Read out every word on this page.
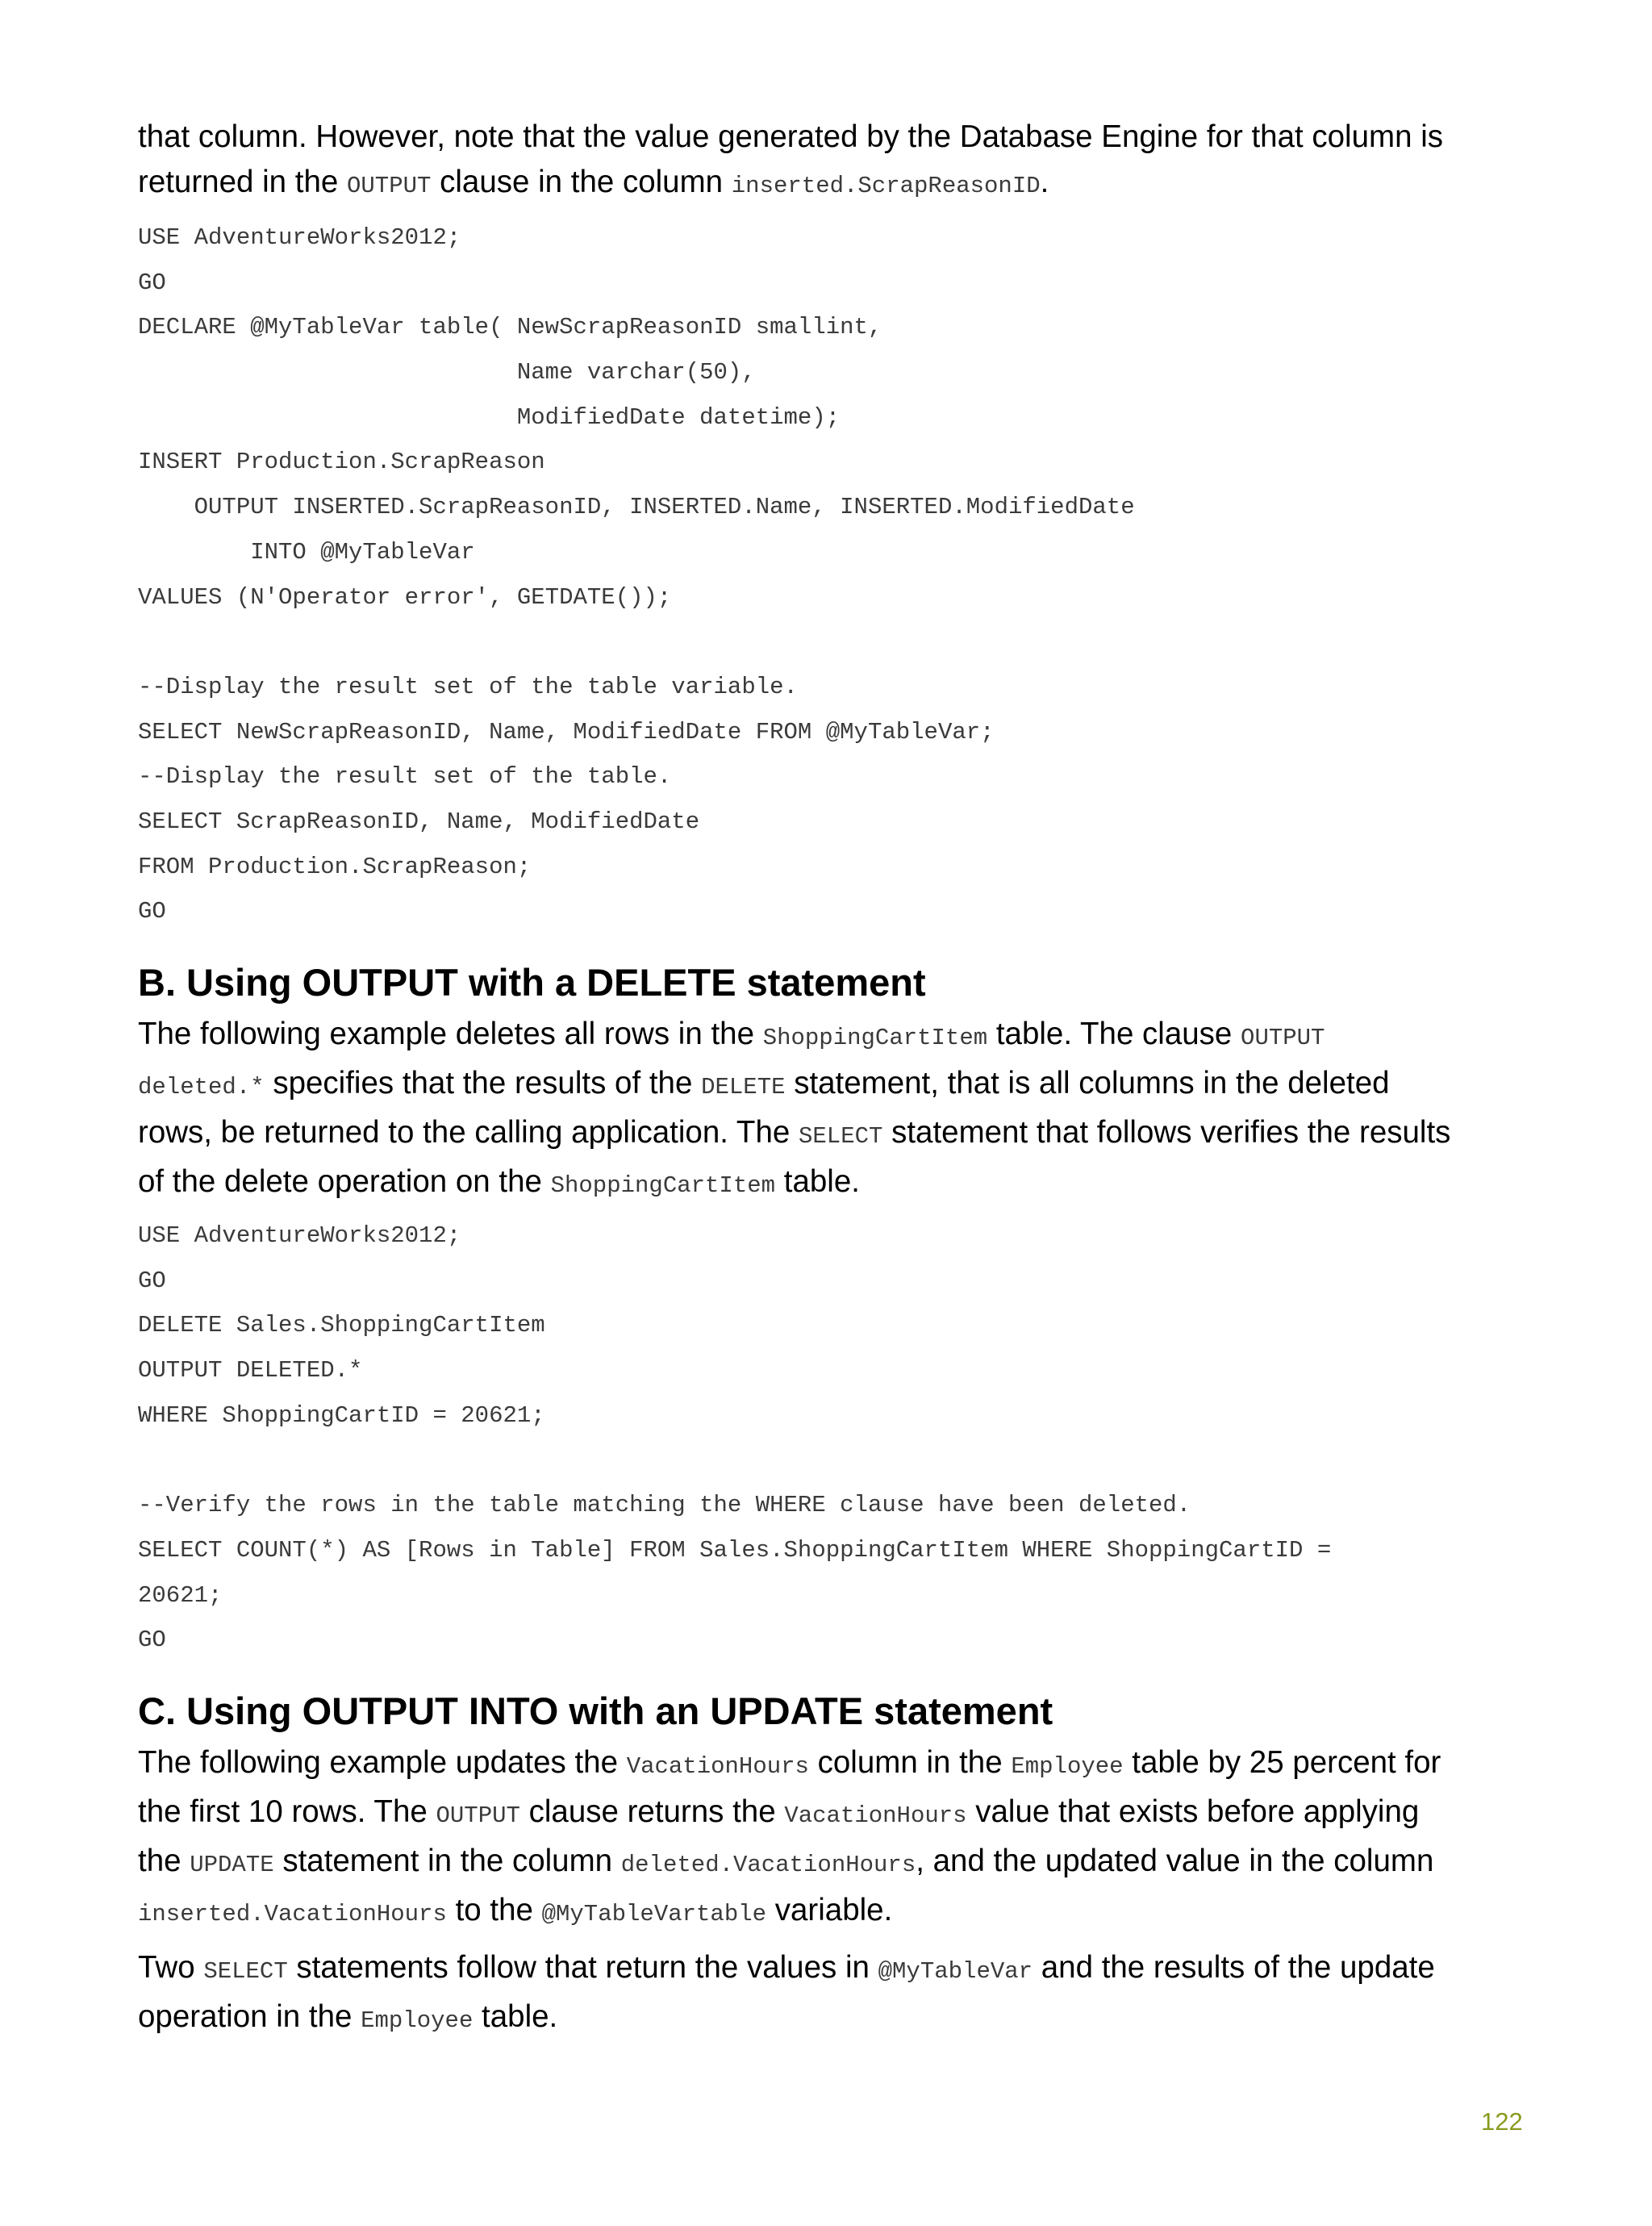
that column. However, note that the value generated by the Database Engine for that column is
returned in the OUTPUT clause in the column inserted.ScrapReasonID.

USE AdventureWorks2012;
GO
DECLARE @MyTableVar table( NewScrapReasonID smallint,
Name varchar(50),
ModifiedDate datetime);
INSERT Production.ScrapReason
OUTPUT INSERTED.ScrapReasonID, INSERTED.Name, INSERTED.ModifiedDate
INTO @MyTableVar
VALUES (N'Operator error', GETDATE());
--Display the result set of the table variable.
SELECT NewScrapReasonID, Name, ModifiedDate FROM @MyTableVar;
--Display the result set of the table.
SELECT ScrapReasonID, Name, ModifiedDate
FROM Production.ScrapReason;
GO
B. Using OUTPUT with a DELETE statement

The following example deletes all rows in the ShoppingCartItem table. The clause OUTPUT
deleted.* specifies that the results of the DELETE statement, that is all columns in the deleted
rows, be returned to the calling application. The SELECT statement that follows verifies the results
of the delete operation on the ShoppingCartItem table.

USE AdventureWorks2012;
GO
DELETE Sales.ShoppingCartItem
OUTPUT DELETED.*
WHERE ShoppingCartID = 20621;
--Verify the rows in the table matching the WHERE clause have been deleted.
SELECT COUNT(*) AS [Rows in Table] FROM Sales.ShoppingCartItem WHERE ShoppingCartID =
20621;
GO
C. Using OUTPUT INTO with an UPDATE statement

The following example updates the VacationHours column in the Employee table by 25 percent for
the first 10 rows. The OUTPUT clause returns the VacationHours value that exists before applying
the UPDATE statement in the column deleted.VacationHours, and the updated value in the column
inserted.VacationHours to the @MyTableVartable variable.

Two SELECT statements follow that return the values in @MyTableVar and the results of the update
operation in the Employee table.

122
